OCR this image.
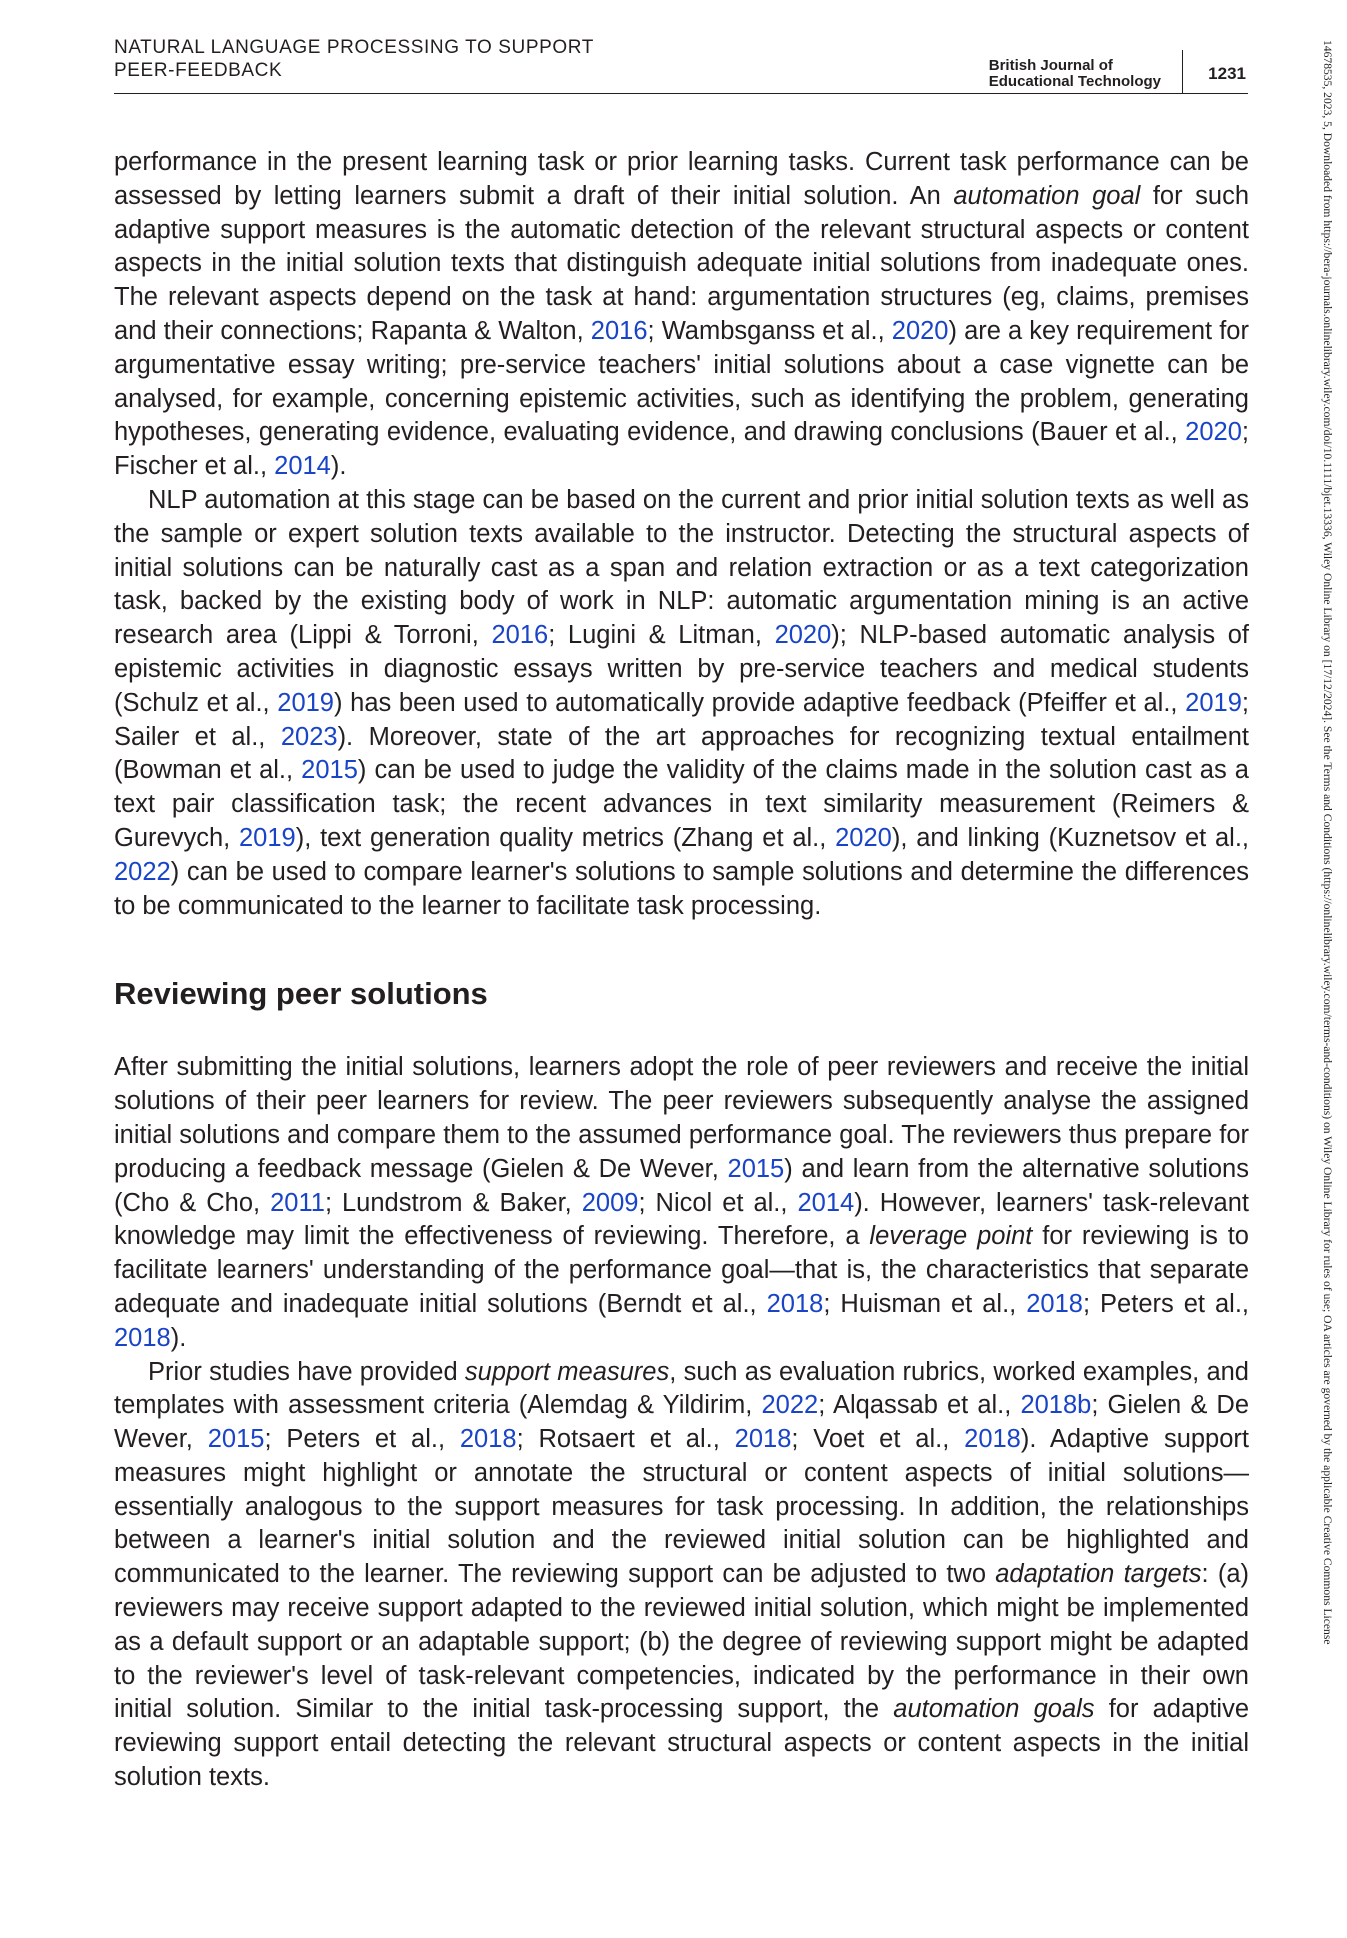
NATURAL LANGUAGE PROCESSING TO SUPPORT
PEER-FEEDBACK	British Journal of
Educational Technology	1231

performance in the present learning task or prior learning tasks. Current task performance can be assessed by letting learners submit a draft of their initial solution. An automation goal for such adaptive support measures is the automatic detection of the relevant structural aspects or content aspects in the initial solution texts that distinguish adequate initial solutions from inadequate ones. The relevant aspects depend on the task at hand: argumentation structures (eg, claims, premises and their connections; Rapanta & Walton, 2016; Wambsganss et al., 2020) are a key requirement for argumentative essay writing; pre-service teachers' initial solutions about a case vignette can be analysed, for example, concerning epistemic activities, such as identifying the problem, generating hypotheses, generating evidence, evaluating evidence, and drawing conclusions (Bauer et al., 2020; Fischer et al., 2014).

NLP automation at this stage can be based on the current and prior initial solution texts as well as the sample or expert solution texts available to the instructor. Detecting the structural aspects of initial solutions can be naturally cast as a span and relation extraction or as a text categorization task, backed by the existing body of work in NLP: automatic argumentation mining is an active research area (Lippi & Torroni, 2016; Lugini & Litman, 2020); NLP-based automatic analysis of epistemic activities in diagnostic essays written by pre-service teachers and medical students (Schulz et al., 2019) has been used to automatically provide adaptive feedback (Pfeiffer et al., 2019; Sailer et al., 2023). Moreover, state of the art approaches for recognizing textual entailment (Bowman et al., 2015) can be used to judge the validity of the claims made in the solution cast as a text pair classification task; the recent advances in text similarity measurement (Reimers & Gurevych, 2019), text generation quality metrics (Zhang et al., 2020), and linking (Kuznetsov et al., 2022) can be used to compare learner's solutions to sample solutions and determine the differences to be communicated to the learner to facilitate task processing.

Reviewing peer solutions

After submitting the initial solutions, learners adopt the role of peer reviewers and receive the initial solutions of their peer learners for review. The peer reviewers subsequently analyse the assigned initial solutions and compare them to the assumed performance goal. The reviewers thus prepare for producing a feedback message (Gielen & De Wever, 2015) and learn from the alternative solutions (Cho & Cho, 2011; Lundstrom & Baker, 2009; Nicol et al., 2014). However, learners' task-relevant knowledge may limit the effectiveness of reviewing. Therefore, a leverage point for reviewing is to facilitate learners' understanding of the performance goal—that is, the characteristics that separate adequate and inadequate initial solutions (Berndt et al., 2018; Huisman et al., 2018; Peters et al., 2018).

Prior studies have provided support measures, such as evaluation rubrics, worked examples, and templates with assessment criteria (Alemdag & Yildirim, 2022; Alqassab et al., 2018b; Gielen & De Wever, 2015; Peters et al., 2018; Rotsaert et al., 2018; Voet et al., 2018). Adaptive support measures might highlight or annotate the structural or content aspects of initial solutions—essentially analogous to the support measures for task processing. In addition, the relationships between a learner's initial solution and the reviewed initial solution can be highlighted and communicated to the learner. The reviewing support can be adjusted to two adaptation targets: (a) reviewers may receive support adapted to the reviewed initial solution, which might be implemented as a default support or an adaptable support; (b) the degree of reviewing support might be adapted to the reviewer's level of task-relevant competencies, indicated by the performance in their own initial solution. Similar to the initial task-processing support, the automation goals for adaptive reviewing support entail detecting the relevant structural aspects or content aspects in the initial solution texts.

14678535, 2023, 5, Downloaded from https://bera-journals.onlinelibrary.wiley.com/doi/10.1111/bjet.13336, Wiley Online Library on [17/12/2024]. See the Terms and Conditions (https://onlinelibrary.wiley.com/terms-and-conditions) on Wiley Online Library for rules of use; OA articles are governed by the applicable Creative Commons License
